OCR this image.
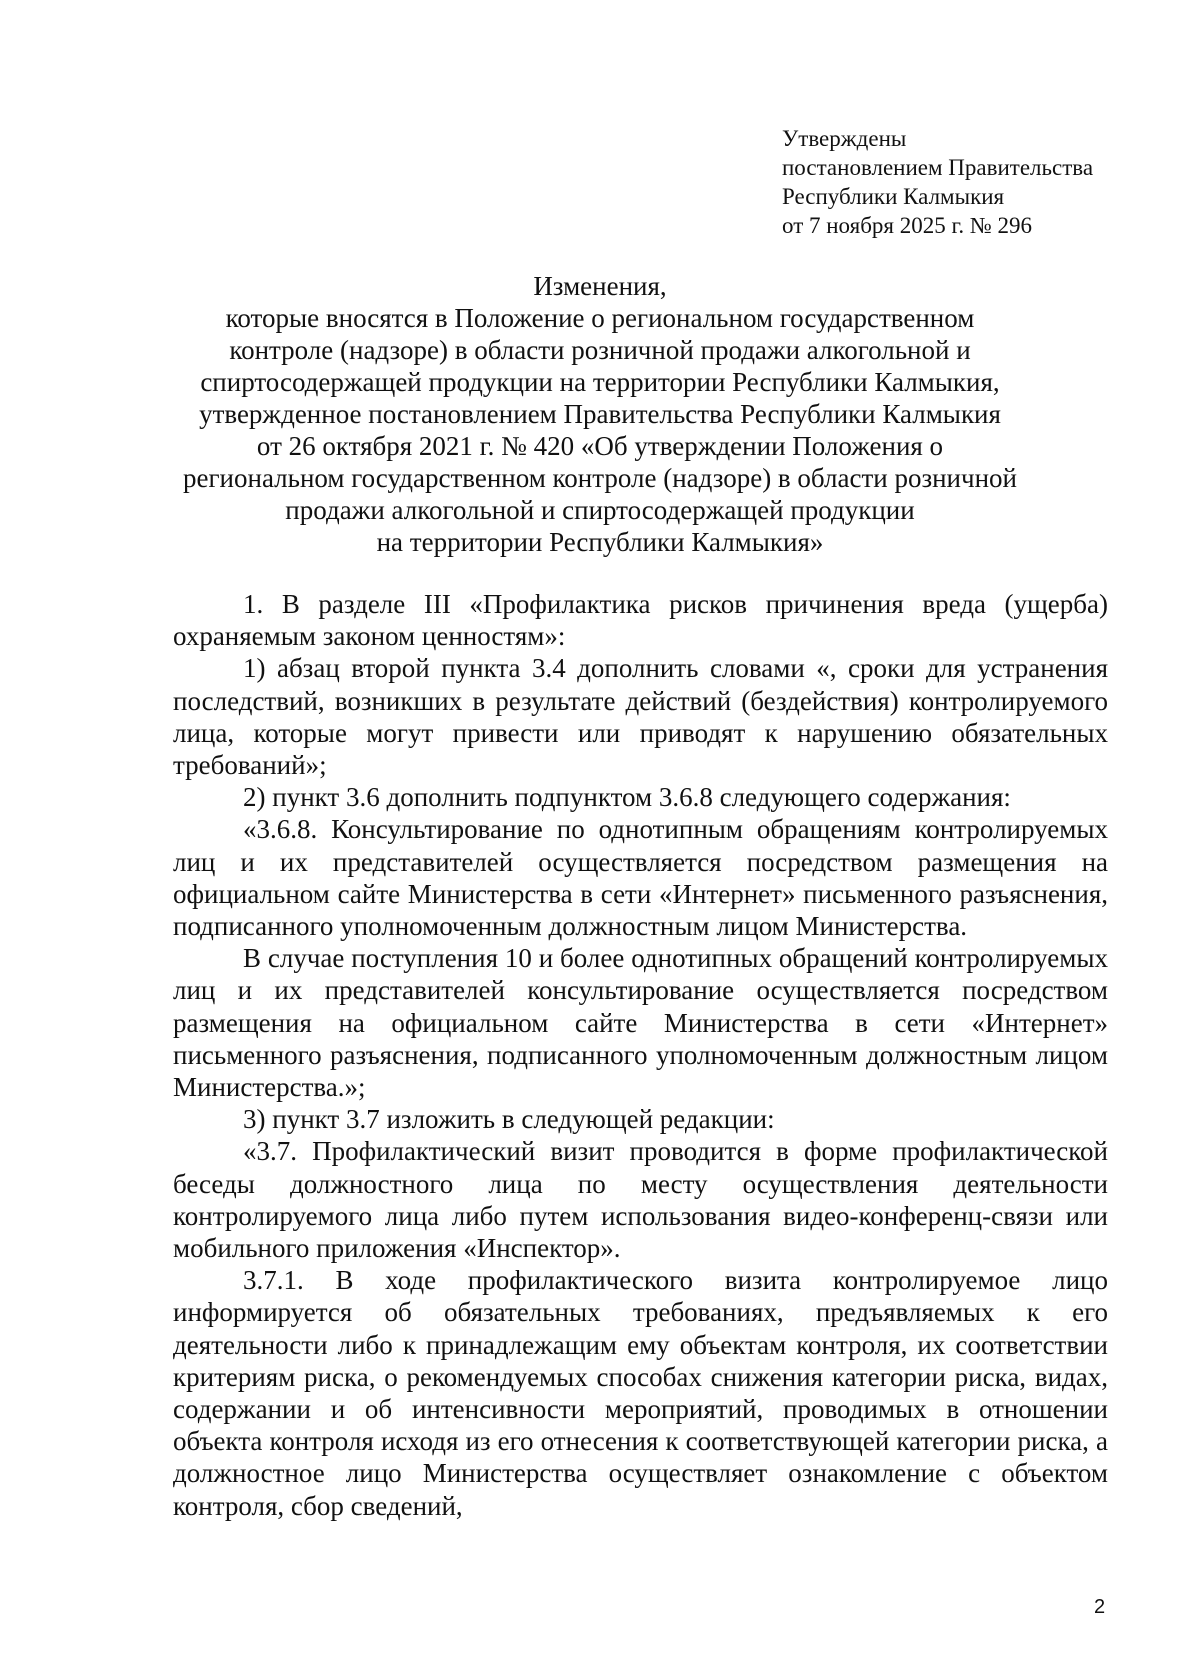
Утверждены
постановлением Правительства
Республики Калмыкия
от 7 ноября 2025 г. № 296
Изменения,
которые вносятся в Положение о региональном государственном
контроле (надзоре) в области розничной продажи алкогольной и
спиртосодержащей продукции на территории Республики Калмыкия,
утвержденное постановлением Правительства Республики Калмыкия
от 26 октября 2021 г. № 420 «Об утверждении Положения о
региональном государственном контроле (надзоре) в области розничной
продажи алкогольной и спиртосодержащей продукции
на территории Республики Калмыкия»

1. В разделе III «Профилактика рисков причинения вреда (ущерба) охраняемым законом ценностям»:

1) абзац второй пункта 3.4 дополнить словами «, сроки для устранения последствий, возникших в результате действий (бездействия) контролируемого лица, которые могут привести или приводят к нарушению обязательных требований»;

2) пункт 3.6 дополнить подпунктом 3.6.8 следующего содержания:

«3.6.8. Консультирование по однотипным обращениям контролируемых лиц и их представителей осуществляется посредством размещения на официальном сайте Министерства в сети «Интернет» письменного разъяснения, подписанного уполномоченным должностным лицом Министерства.

В случае поступления 10 и более однотипных обращений контролируемых лиц и их представителей консультирование осуществляется посредством размещения на официальном сайте Министерства в сети «Интернет» письменного разъяснения, подписанного уполномоченным должностным лицом Министерства.»;

3) пункт 3.7 изложить в следующей редакции:

«3.7. Профилактический визит проводится в форме профилактической беседы должностного лица по месту осуществления деятельности контролируемого лица либо путем использования видео-конференц-связи или мобильного приложения «Инспектор».

3.7.1. В ходе профилактического визита контролируемое лицо информируется об обязательных требованиях, предъявляемых к его деятельности либо к принадлежащим ему объектам контроля, их соответствии критериям риска, о рекомендуемых способах снижения категории риска, видах, содержании и об интенсивности мероприятий, проводимых в отношении объекта контроля исходя из его отнесения к соответствующей категории риска, а должностное лицо Министерства осуществляет ознакомление с объектом контроля, сбор сведений,

2
